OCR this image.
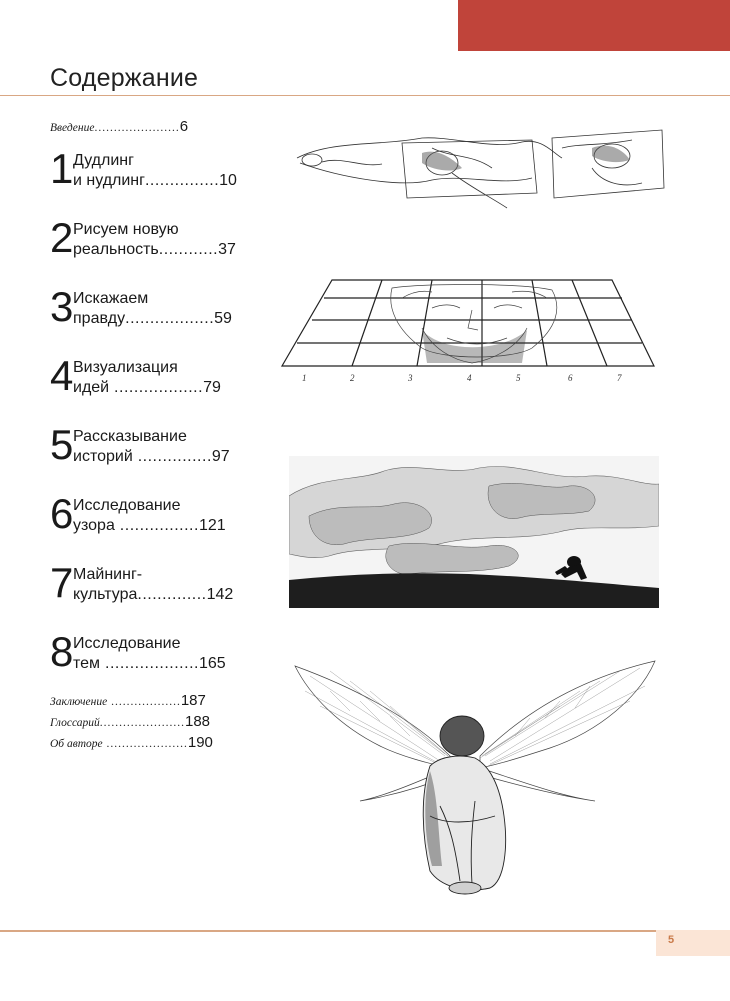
Содержание
Введение......................6
1 Дудлинг
и нудлинг...............10
2 Рисуем новую
реальность............37
3 Искажаем
правду..................59
4 Визуализация
идей ..................79
5 Рассказывание
историй ...............97
6 Исследование
узора ................121
7 Майнинг-
культура..............142
8 Исследование
тем ...................165
Заключение ..................187
Глоссарий......................188
Об авторе .....................190
1	2	3	4	5	6	7
5
